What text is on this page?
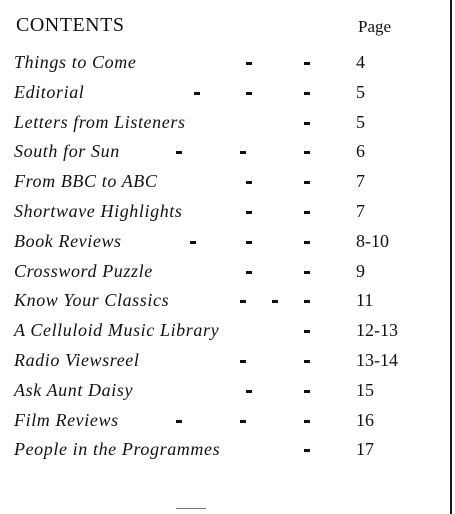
CONTENTS	Page
Things to Come	4
Editorial	5
Letters from Listeners	5
South for Sun	6
From BBC to ABC	7
Shortwave Highlights	7
Book Reviews	8-10
Crossword Puzzle	9
Know Your Classics	11
A Celluloid Music Library	12-13
Radio Viewsreel	13-14
Ask Aunt Daisy	15
Film Reviews	16
People in the Programmes	17
